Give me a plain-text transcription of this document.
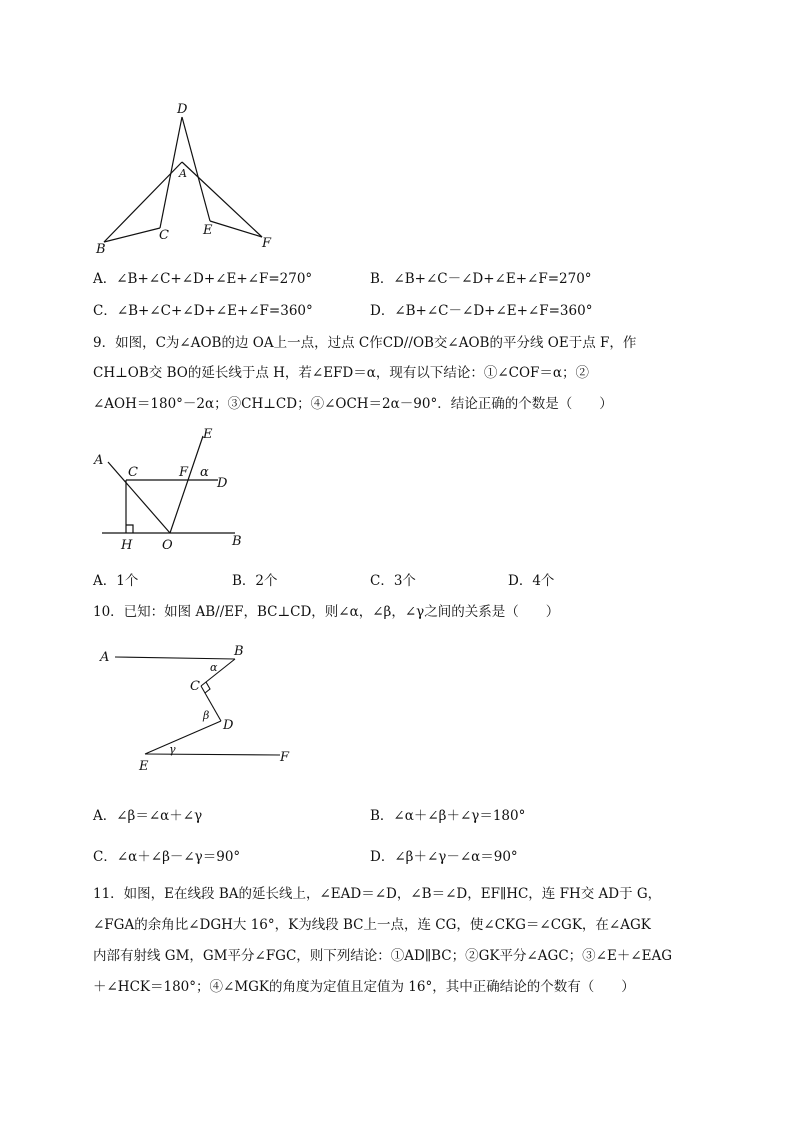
D
A
B
C	E
F
A．∠B+∠C+∠D+∠E+∠F=270°	B．∠B+∠C－∠D+∠E+∠F=270°
C．∠B+∠C+∠D+∠E+∠F=360°	D．∠B+∠C－∠D+∠E+∠F=360°
9．如图，C为∠AOB的边 OA上一点，过点 C作CD//OB交∠AOB的平分线 OE于点 F，作
CH⊥OB交 BO的延长线于点 H，若∠EFD＝α，现有以下结论：①∠COF＝α；②
∠AOH＝180°－2α；③CH⊥CD；④∠OCH＝2α－90°．结论正确的个数是（　　）
E
A
C	F α
D
H O	B
A．1个	B．2个	C．3个	D．4个
10．已知：如图 AB//EF，BC⊥CD，则∠α，∠β，∠γ之间的关系是（　　）
A	B
α
C
β
D
γ
E
F
A．∠β＝∠α＋∠γ	B．∠α＋∠β＋∠γ＝180°
C．∠α＋∠β－∠γ＝90°	D．∠β＋∠γ－∠α＝90°
11．如图，E在线段 BA的延长线上，∠EAD＝∠D，∠B＝∠D，EF∥HC，连 FH交 AD于 G，
∠FGA的余角比∠DGH大 16°，K为线段 BC上一点，连 CG，使∠CKG＝∠CGK，在∠AGK
内部有射线 GM，GM平分∠FGC，则下列结论：①AD∥BC；②GK平分∠AGC；③∠E＋∠EAG
＋∠HCK＝180°；④∠MGK的角度为定值且定值为 16°，其中正确结论的个数有（　　）
